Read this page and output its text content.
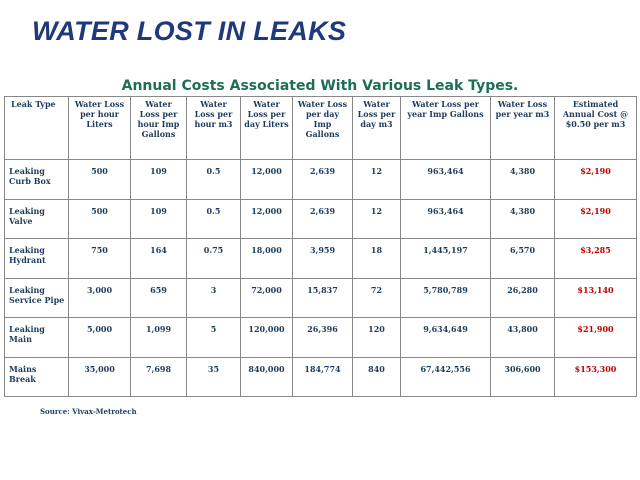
WATER LOST IN LEAKS
Annual Costs Associated With Various Leak Types.
Leak Type	Water Loss per hour Liters	Water Loss per hour Imp Gallons	Water Loss per hour m3	Water Loss per day Liters	Water Loss per day Imp Gallons	Water Loss per day m3	Water Loss per year Imp Gallons	Water Loss per year m3	Estimated Annual Cost @ $0.50 per m3
Leaking Curb Box	500	109	0.5	12,000	2,639	12	963,464	4,380	$2,190
Leaking Valve	500	109	0.5	12,000	2,639	12	963,464	4,380	$2,190
Leaking Hydrant	750	164	0.75	18,000	3,959	18	1,445,197	6,570	$3,285
Leaking Service Pipe	3,000	659	3	72,000	15,837	72	5,780,789	26,280	$13,140
Leaking Main	5,000	1,099	5	120,000	26,396	120	9,634,649	43,800	$21,900
Mains Break	35,000	7,698	35	840,000	184,774	840	67,442,556	306,600	$153,300

Source: Vivax-Metrotech
